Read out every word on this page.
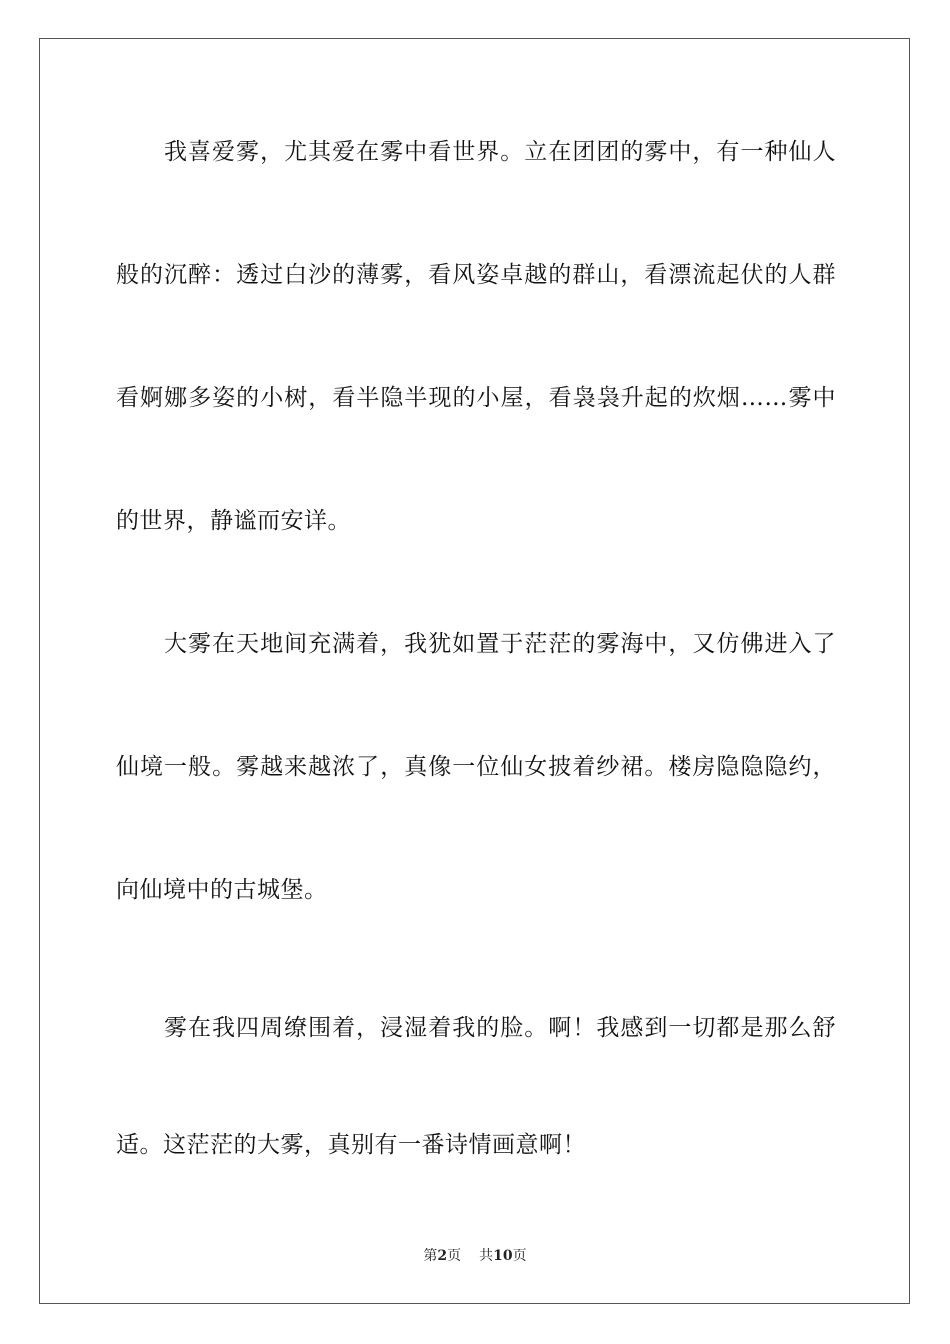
我喜爱雾，尤其爱在雾中看世界。立在团团的雾中，有一种仙人
般的沉醉：透过白沙的薄雾，看风姿卓越的群山，看漂流起伏的人群
看婀娜多姿的小树，看半隐半现的小屋，看袅袅升起的炊烟……雾中
的世界，静谧而安详。
大雾在天地间充满着，我犹如置于茫茫的雾海中，又仿佛进入了
仙境一般。雾越来越浓了，真像一位仙女披着纱裙。楼房隐隐隐约，
向仙境中的古城堡。
雾在我四周缭围着，浸湿着我的脸。啊！我感到一切都是那么舒
适。这茫茫的大雾，真别有一番诗情画意啊！
第2页 共10页
